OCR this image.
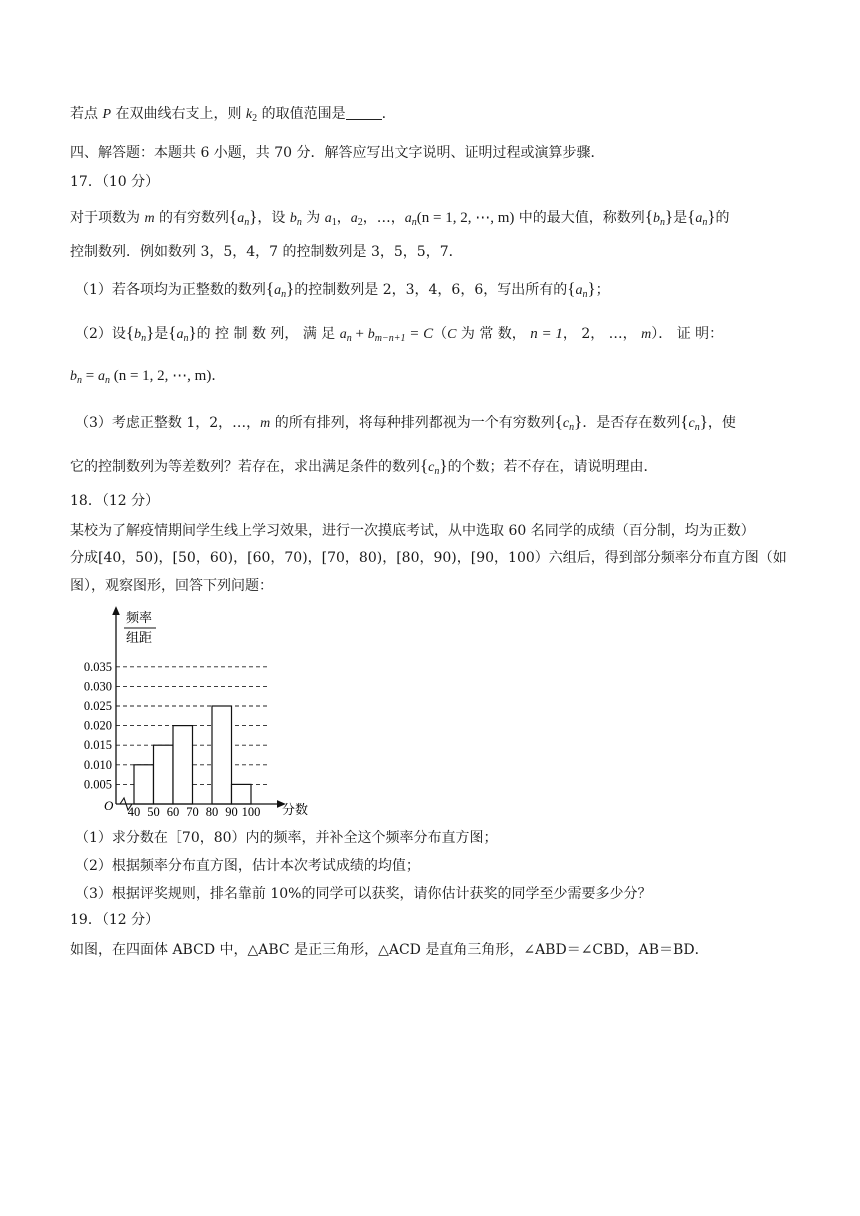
若点 P 在双曲线右支上，则 $k_2$ 的取值范围是	.
四、解答题：本题共 6 小题，共 70 分．解答应写出文字说明、证明过程或演算步骤．
17．（10 分）
对于项数为 m 的有穷数列$\{a_n\}$，设 $b_n$ 为 $a_1$，$a_2$，…，$a_n(n = 1$, 2, ⋯, m) 中的最大值，称数列$\{b_n\}$是$\{a_n\}$的
控制数列．例如数列 3，5，4，7 的控制数列是 3，5，5，7．
（1）若各项均为正整数的数列$\{a_n\}$的控制数列是 2，3，4，6，6，写出所有的$\{a_n\}$；
（2）设$\{b_n\}$是$\{a_n\}$的 控 制 数 列， 满 足 $a_n + b_{m-n+1} = C(C$ 为 常 数， n = 1， 2， …， m）． 证 明：
$b_n = a_n$ (n = 1, 2, ⋯, m)．
（3）考虑正整数 1，2，…，m 的所有排列，将每种排列都视为一个有穷数列$\{c_n\}$．是否存在数列$\{c_n\}$，使
它的控制数列为等差数列？若存在，求出满足条件的数列$\{c_n\}$的个数；若不存在，请说明理由．
18．（12 分）
某校为了解疫情期间学生线上学习效果，进行一次摸底考试，从中选取 60 名同学的成绩（百分制，均为正数）
分成[40，50)，[50，60)，[60，70)，[70，80)，[80，90)，[90，100）六组后，得到部分频率分布直方图（如
图），观察图形，回答下列问题：
频率
组距
分数
O
0.005
0.010
0.015
0.020
0.025
0.030
0.035
40 50 60 70 80 90 100
（1）求分数在［70，80）内的频率，并补全这个频率分布直方图；
（2）根据频率分布直方图，估计本次考试成绩的均值；
（3）根据评奖规则，排名靠前 10%的同学可以获奖，请你估计获奖的同学至少需要多少分？
19．（12 分）
如图，在四面体 ABCD 中，△ABC 是正三角形，△ACD 是直角三角形，∠ABD＝∠CBD，AB＝BD．
